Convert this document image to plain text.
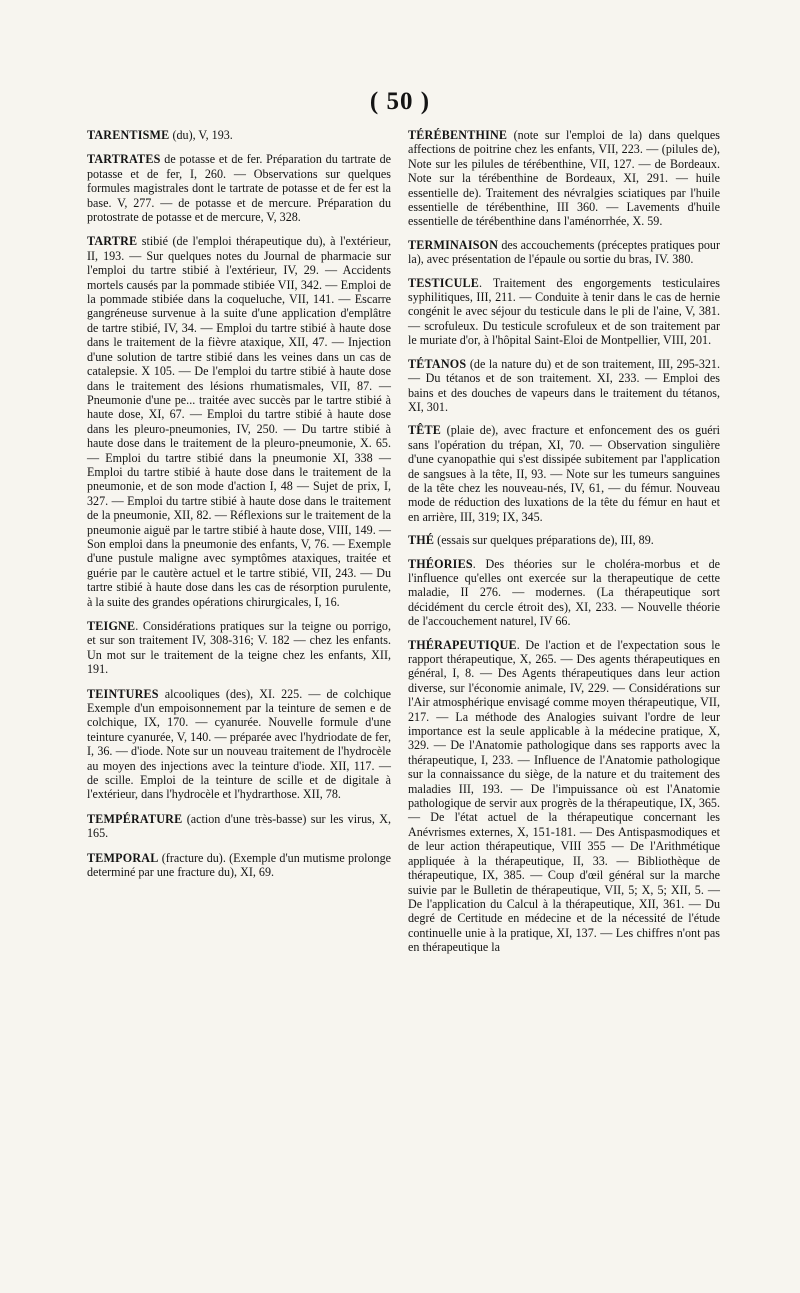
( 50 )

TARENTISME (du), V, 193.

TARTRATES de potasse et de fer. Préparation du tartrate de potasse et de fer, I, 260. — Observations sur quelques formules magistrales dont le tartrate de potasse et de fer est la base. V, 277. — de potasse et de mercure. Préparation du protostrate de potasse et de mercure, V, 328.

TARTRE stibié (de l'emploi thérapeutique du), à l'extérieur, II, 193. — Sur quelques notes du Journal de pharmacie sur l'emploi du tartre stibié à l'extérieur, IV, 29. — Accidents mortels causés par la pommade stibiée VII, 342. — Emploi de la pommade stibiée dans la coqueluche, VII, 141. — Escarre gangréneuse survenue à la suite d'une application d'emplâtre de tartre stibié, IV, 34. — Emploi du tartre stibié à haute dose dans le traitement de la fièvre ataxique, XII, 47. — Injection d'une solution de tartre stibié dans les veines dans un cas de catalepsie. X 105. — De l'emploi du tartre stibié à haute dose dans le traitement des lésions rhumatismales, VII, 87. — Pneumonie d'une pe... traitée avec succès par le tartre stibié à haute dose, XI, 67. — Emploi du tartre stibié à haute dose dans les pleuro-pneumonies, IV, 250. — Du tartre stibié à haute dose dans le traitement de la pleuro-pneumonie, X. 65. — Emploi du tartre stibié dans la pneumonie XI, 338 — Emploi du tartre stibié à haute dose dans le traitement de la pneumonie, et de son mode d'action I, 48 — Sujet de prix, I, 327. — Emploi du tartre stibié à haute dose dans le traitement de la pneumonie, XII, 82. — Réflexions sur le traitement de la pneumonie aiguë par le tartre stibié à haute dose, VIII, 149. — Son emploi dans la pneumonie des enfants, V, 76. — Exemple d'une pustule maligne avec symptômes ataxiques, traitée et guérie par le cautère actuel et le tartre stibié, VII, 243. — Du tartre stibié à haute dose dans les cas de résorption purulente, à la suite des grandes opérations chirurgicales, I, 16.

TEIGNE. Considérations pratiques sur la teigne ou porrigo, et sur son traitement IV, 308-316; V. 182 — chez les enfants. Un mot sur le traitement de la teigne chez les enfants, XII, 191.

TEINTURES alcooliques (des), XI. 225. — de colchique Exemple d'un empoisonnement par la teinture de semen e de colchique, IX, 170. — cyanurée. Nouvelle formule d'une teinture cyanurée, V, 140. — préparée avec l'hydriodate de fer, I, 36. — d'iode. Note sur un nouveau traitement de l'hydrocèle au moyen des injections avec la teinture d'iode. XII, 117. — de scille. Emploi de la teinture de scille et de digitale à l'extérieur, dans l'hydrocèle et l'hydrarthose. XII, 78.

TEMPÉRATURE (action d'une très-basse) sur les virus, X, 165.

TEMPORAL (fracture du). (Exemple d'un mutisme prolonge determiné par une fracture du), XI, 69.

TÉRÉBENTHINE (note sur l'emploi de la) dans quelques affections de poitrine chez les enfants, VII, 223. — (pilules de), Note sur les pilules de térébenthine, VII, 127. — de Bordeaux. Note sur la térébenthine de Bordeaux, XI, 291. — huile essentielle de). Traitement des névralgies sciatiques par l'huile essentielle de térébenthine, III 360. — Lavements d'huile essentielle de térébenthine dans l'aménorrhée, X. 59.

TERMINAISON des accouchements (préceptes pratiques pour la), avec présentation de l'épaule ou sortie du bras, IV. 380.

TESTICULE. Traitement des engorgements testiculaires syphilitiques, III, 211. — Conduite à tenir dans le cas de hernie congénit le avec séjour du testicule dans le pli de l'aine, V, 381. — scrofuleux. Du testicule scrofuleux et de son traitement par le muriate d'or, à l'hôpital Saint-Eloi de Montpellier, VIII, 201.

TÉTANOS (de la nature du) et de son traitement, III, 295-321. — Du tétanos et de son traitement. XI, 233. — Emploi des bains et des douches de vapeurs dans le traitement du tétanos, XI, 301.

TÊTE (plaie de), avec fracture et enfoncement des os guéri sans l'opération du trépan, XI, 70. — Observation singulière d'une cyanopathie qui s'est dissipée subitement par l'application de sangsues à la tête, II, 93. — Note sur les tumeurs sanguines de la tête chez les nouveau-nés, IV, 61, — du fémur. Nouveau mode de réduction des luxations de la tête du fémur en haut et en arrière, III, 319; IX, 345.

THÉ (essais sur quelques préparations de), III, 89.

THÉORIES. Des théories sur le choléra-morbus et de l'influence qu'elles ont exercée sur la therapeutique de cette maladie, II 276. — modernes. (La thérapeutique sort décidément du cercle étroit des), XI, 233. — Nouvelle théorie de l'accouchement naturel, IV 66.

THÉRAPEUTIQUE. De l'action et de l'expectation sous le rapport thérapeutique, X, 265. — Des agents thérapeutiques en général, I, 8. — Des Agents thérapeutiques dans leur action diverse, sur l'économie animale, IV, 229. — Considérations sur l'Air atmosphérique envisagé comme moyen thérapeutique, VII, 217. — La méthode des Analogies suivant l'ordre de leur importance est la seule applicable à la médecine pratique, X, 329. — De l'Anatomie pathologique dans ses rapports avec la thérapeutique, I, 233. — Influence de l'Anatomie pathologique sur la connaissance du siège, de la nature et du traitement des maladies III, 193. — De l'impuissance où est l'Anatomie pathologique de servir aux progrès de la thérapeutique, IX, 365. — De l'état actuel de la thérapeutique concernant les Anévrismes externes, X, 151-181. — Des Antispasmodiques et de leur action thérapeutique, VIII 355 — De l'Arithmétique appliquée à la thérapeutique, II, 33. — Bibliothèque de thérapeutique, IX, 385. — Coup d'œil général sur la marche suivie par le Bulletin de thérapeutique, VII, 5; X, 5; XII, 5. — De l'application du Calcul à la thérapeutique, XII, 361. — Du degré de Certitude en médecine et de la nécessité de l'étude continuelle unie à la pratique, XI, 137. — Les chiffres n'ont pas en thérapeutique la
